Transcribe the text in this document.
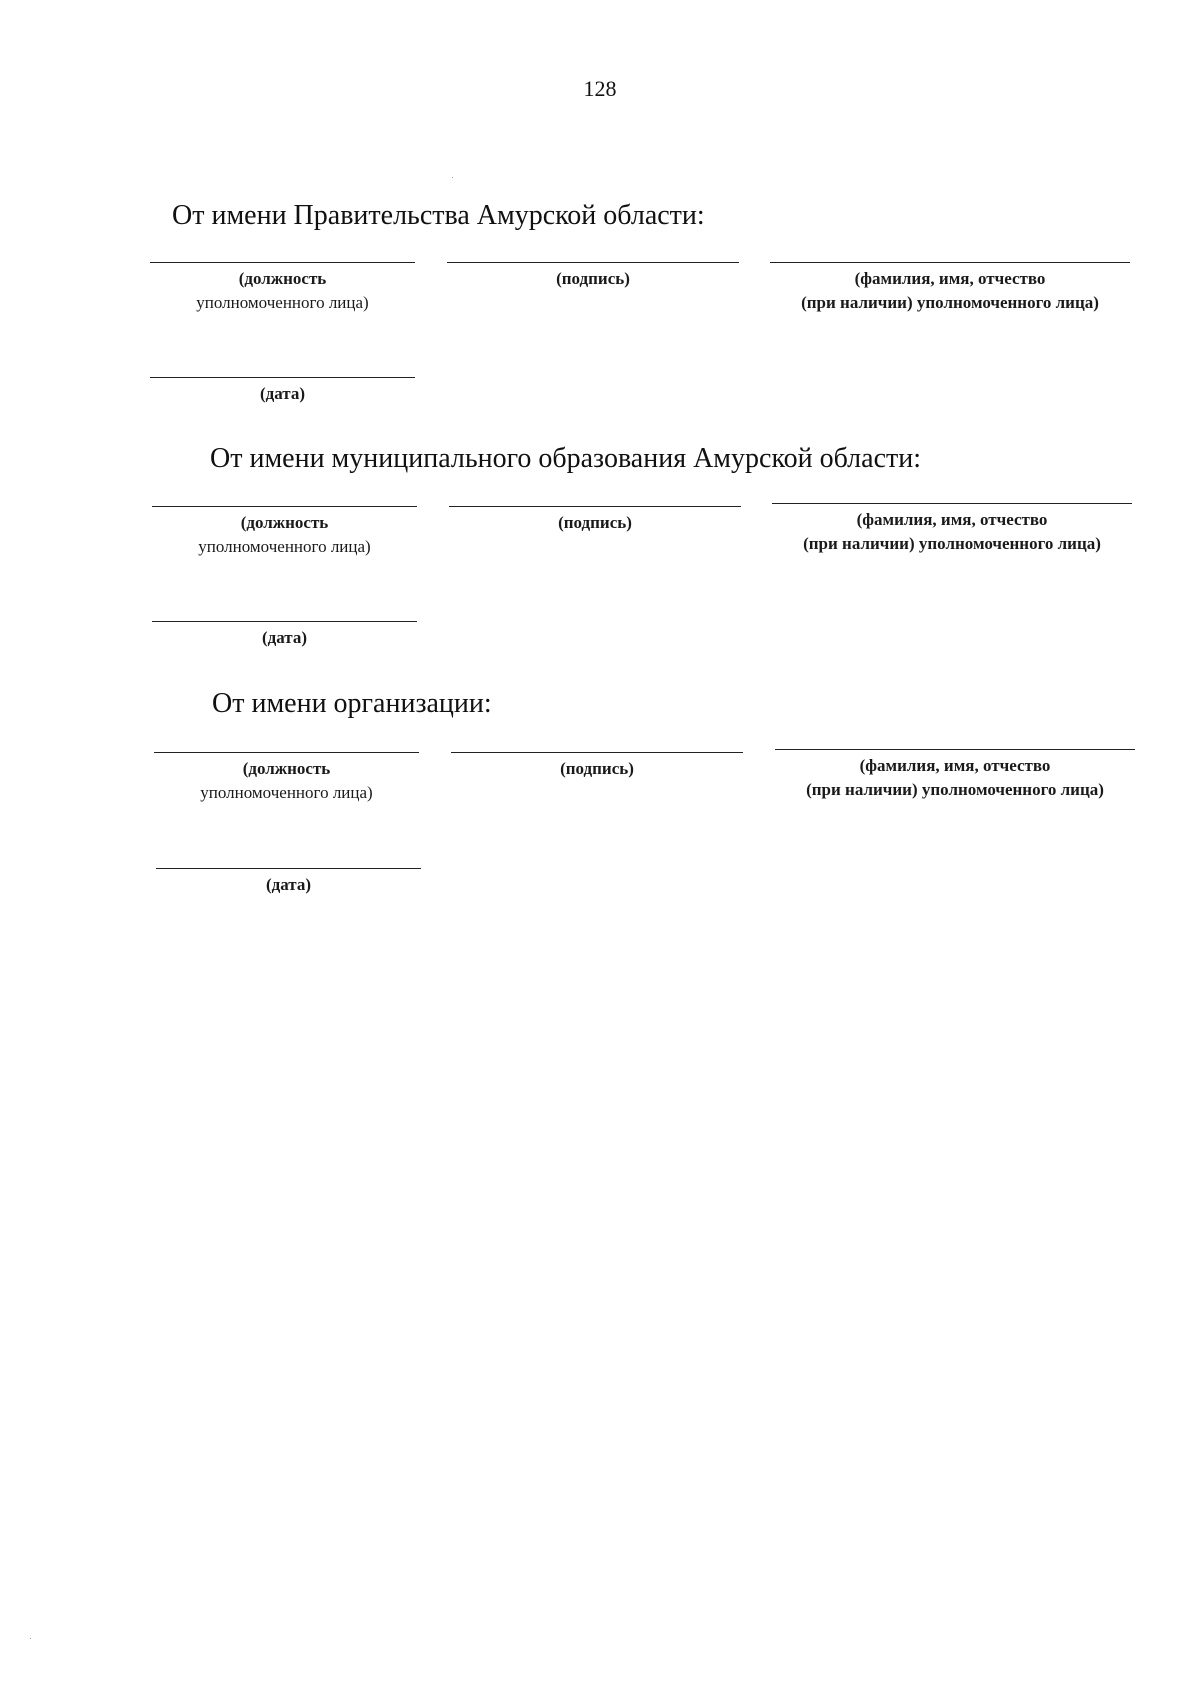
128
От имени Правительства Амурской области:
(должность
уполномоченного лица)
(подпись)	(фамилия, имя, отчество
(при наличии) уполномоченного лица)
(дата)
От имени муниципального образования Амурской области:
(должность
уполномоченного лица)
(подпись)	(фамилия, имя, отчество
(при наличии) уполномоченного лица)
(дата)
От имени организации:
(должность
уполномоченного лица)
(подпись)	(фамилия, имя, отчество
(при наличии) уполномоченного лица)
(дата)
